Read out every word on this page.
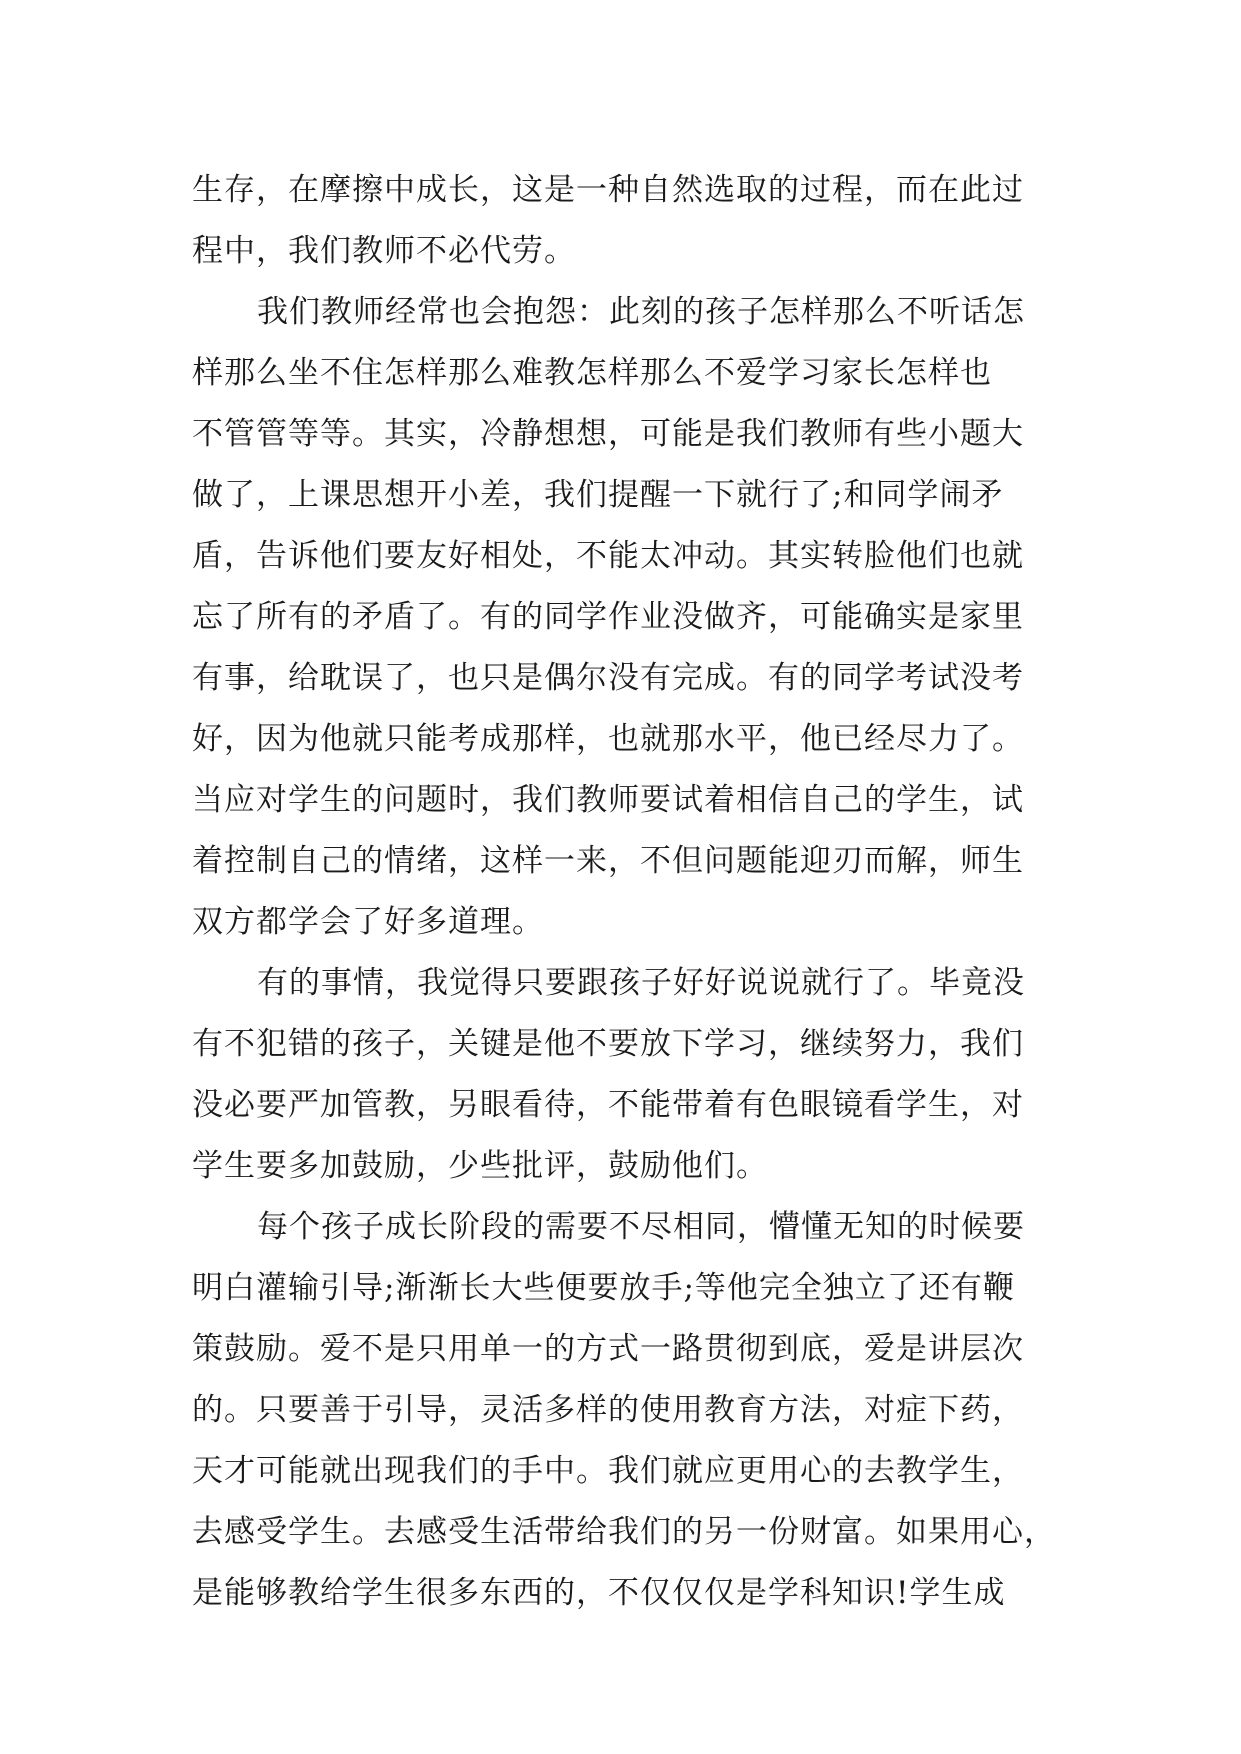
生存，在摩擦中成长，这是一种自然选取的过程，而在此过
程中，我们教师不必代劳。
我们教师经常也会抱怨：此刻的孩子怎样那么不听话怎
样那么坐不住怎样那么难教怎样那么不爱学习家长怎样也
不管管等等。其实，冷静想想，可能是我们教师有些小题大
做了，上课思想开小差，我们提醒一下就行了;和同学闹矛
盾，告诉他们要友好相处，不能太冲动。其实转脸他们也就
忘了所有的矛盾了。有的同学作业没做齐，可能确实是家里
有事，给耽误了，也只是偶尔没有完成。有的同学考试没考
好，因为他就只能考成那样，也就那水平，他已经尽力了。
当应对学生的问题时，我们教师要试着相信自己的学生，试
着控制自己的情绪，这样一来，不但问题能迎刃而解，师生
双方都学会了好多道理。
有的事情，我觉得只要跟孩子好好说说就行了。毕竟没
有不犯错的孩子，关键是他不要放下学习，继续努力，我们
没必要严加管教，另眼看待，不能带着有色眼镜看学生，对
学生要多加鼓励，少些批评，鼓励他们。
每个孩子成长阶段的需要不尽相同，懵懂无知的时候要
明白灌输引导;渐渐长大些便要放手;等他完全独立了还有鞭
策鼓励。爱不是只用单一的方式一路贯彻到底，爱是讲层次
的。只要善于引导，灵活多样的使用教育方法，对症下药，
天才可能就出现我们的手中。我们就应更用心的去教学生，
去感受学生。去感受生活带给我们的另一份财富。如果用心，
是能够教给学生很多东西的，不仅仅仅是学科知识!学生成
